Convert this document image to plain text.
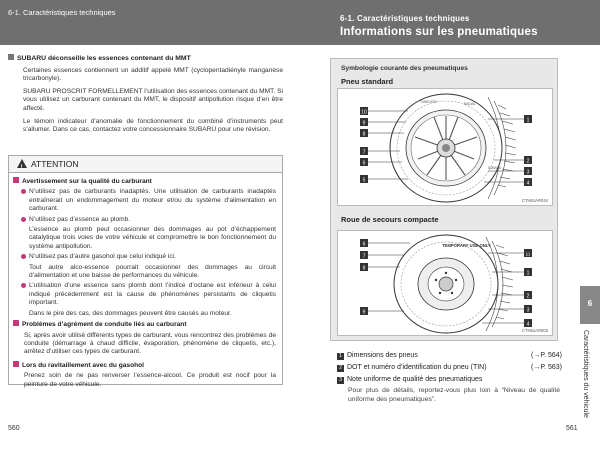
6-1. Caractéristiques techniques
6-1. Caractéristiques techniques
Informations sur les pneumatiques
SUBARU déconseille les essences contenant du MMT
Certaines essences contiennent un additif appelé MMT (cyclopentadiényle manganèse tricarbonyle).
SUBARU PROSCRIT FORMELLEMENT l’utilisation des essences contenant du MMT. Si vous utilisez un carburant contenant du MMT, le dispositif antipollution risque d’en être affecté.
Le témoin indicateur d’anomalie de fonctionnement du combiné d’instruments peut s’allumer. Dans ce cas, contactez votre concessionnaire SUBARU pour une révision.
!ATTENTION
Avertissement sur la qualité du carburant
N’utilisez pas de carburants inadaptés. Une utilisation de carburants inadaptés entraînerait un endommagement du moteur et/ou du système d’alimentation en carburant.
N’utilisez pas d’essence au plomb.
L’essence au plomb peut occasionner des dommages au pot d’échappement catalytique trois voies de votre véhicule et compromettre le bon fonctionnement du système antipollution.
N’utilisez pas d’autre gasohol que celui indiqué ici.
Tout autre alco-essence pourrait occasionner des dommages au circuit d’alimentation et une baisse de performances du véhicule.
L’utilisation d’une essence sans plomb dont l’indice d’octane est inférieur à celui indiqué précédemment est la cause de phénomènes persistants de cliquetis important.
Dans le pire des cas, des dommages peuvent être causés au moteur.
Problèmes d’agrément de conduite liés au carburant
Si, après avoir utilisé différents types de carburant, vous rencontrez des problèmes de conduite (démarrage à chaud difficile, évaporation, phénomène de cliquetis, etc.), arrêtez d’utiliser ces types de carburant.
Lors du ravitaillement avec du gasohol
Prenez soin de ne pas renverser l’essence-alcool. Ce produit est nocif pour la peinture de votre véhicule.
560
Symbologie courante des pneumatiques
Pneu standard
TUBELESS	RADIAL
SUBARU
10
9
8
7
6
5
1
2
3
4
CTH61AR044
Roue de secours compacte
TEMPORARY USE ONLY
6
7
8
9
11
1
2
3
4
CTH61AR003
1 Dimensions des pneus	(→P. 564)
2 DOT et numéro d’identification du pneu (TIN)	(→P. 563)
3 Note uniforme de qualité des pneumatiques
Pour plus de détails, reportez-vous plus loin à “Niveau de qualité uniforme des pneumatiques”.
6
Caractéristiques du véhicule
561
